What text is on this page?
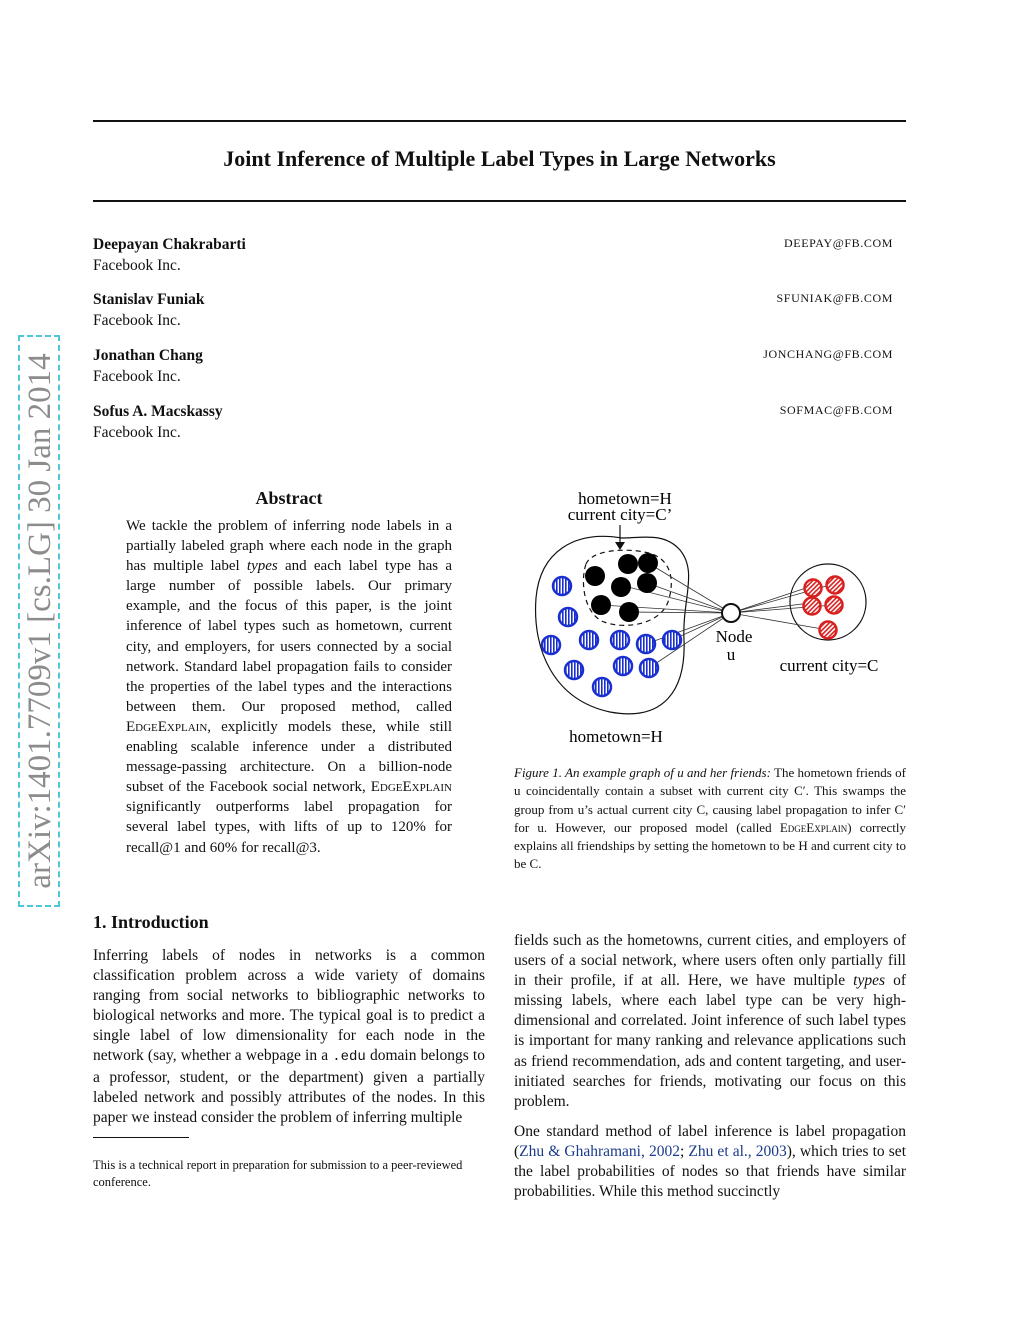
Joint Inference of Multiple Label Types in Large Networks
Deepayan Chakrabarti
Facebook Inc.
DEEPAY@FB.COM
Stanislav Funiak
Facebook Inc.
SFUNIAK@FB.COM
Jonathan Chang
Facebook Inc.
JONCHANG@FB.COM
Sofus A. Macskassy
Facebook Inc.
SOFMAC@FB.COM
arXiv:1401.7709v1 [cs.LG] 30 Jan 2014	Abstract
We tackle the problem of inferring node labels in a partially labeled graph where each node in the graph has multiple label types and each label type has a large number of possible labels. Our primary example, and the focus of this paper, is the joint inference of label types such as hometown, current city, and employers, for users connected by a social network. Standard label propagation fails to consider the properties of the label types and the interactions between them. Our proposed method, called EdgeExplain, explicitly models these, while still enabling scalable inference under a distributed message-passing architecture. On a billion-node subset of the Facebook social network, EdgeExplain significantly outperforms label propagation for several label types, with lifts of up to 120% for recall@1 and 60% for recall@3.
hometown=H
current city=C’
Node
u
current city=C
hometown=H
Figure 1. An example graph of u and her friends: The hometown friends of u coincidentally contain a subset with current city C′. This swamps the group from u’s actual current city C, causing label propagation to infer C′ for u. However, our proposed model (called EdgeExplain) correctly explains all friendships by setting the hometown to be H and current city to be C.
1. Introduction
Inferring labels of nodes in networks is a common classification problem across a wide variety of domains ranging from social networks to bibliographic networks to biological networks and more. The typical goal is to predict a single label of low dimensionality for each node in the network (say, whether a webpage in a .edu domain belongs to a professor, student, or the department) given a partially labeled network and possibly attributes of the nodes. In this paper we instead consider the problem of inferring multiple
This is a technical report in preparation for submission to a peer-reviewed conference.
fields such as the hometowns, current cities, and employers of users of a social network, where users often only partially fill in their profile, if at all. Here, we have multiple types of missing labels, where each label type can be very high-dimensional and correlated. Joint inference of such label types is important for many ranking and relevance applications such as friend recommendation, ads and content targeting, and user-initiated searches for friends, motivating our focus on this problem.
One standard method of label inference is label propagation (Zhu & Ghahramani, 2002; Zhu et al., 2003), which tries to set the label probabilities of nodes so that friends have similar probabilities. While this method succinctly
